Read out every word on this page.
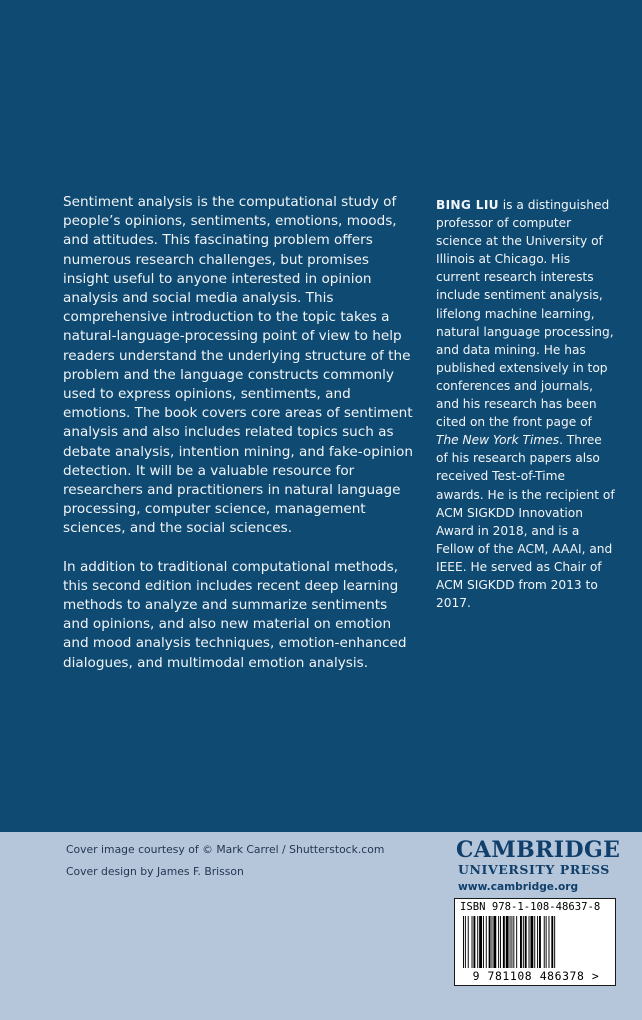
Sentiment analysis is the computational study of people’s opinions, sentiments, emotions, moods, and attitudes. This fascinating problem offers numerous research challenges, but promises insight useful to anyone interested in opinion analysis and social media analysis. This comprehensive introduction to the topic takes a natural-language-processing point of view to help readers understand the underlying structure of the problem and the language constructs commonly used to express opinions, sentiments, and emotions. The book covers core areas of sentiment analysis and also includes related topics such as debate analysis, intention mining, and fake-opinion detection. It will be a valuable resource for researchers and practitioners in natural language processing, computer science, management sciences, and the social sciences.

In addition to traditional computational methods, this second edition includes recent deep learning methods to analyze and summarize sentiments and opinions, and also new material on emotion and mood analysis techniques, emotion-enhanced dialogues, and multimodal emotion analysis.

BING LIU is a distinguished professor of computer science at the University of Illinois at Chicago. His current research interests include sentiment analysis, lifelong machine learning, natural language processing, and data mining. He has published extensively in top conferences and journals, and his research has been cited on the front page of The New York Times. Three of his research papers also received Test-of-Time awards. He is the recipient of ACM SIGKDD Innovation Award in 2018, and is a Fellow of the ACM, AAAI, and IEEE. He served as Chair of ACM SIGKDD from 2013 to 2017.
Cover image courtesy of © Mark Carrel / Shutterstock.com
Cover design by James F. Brisson
CAMBRIDGE
UNIVERSITY PRESS
www.cambridge.org
ISBN 978-1-108-48637-8
9 781108 486378 >
